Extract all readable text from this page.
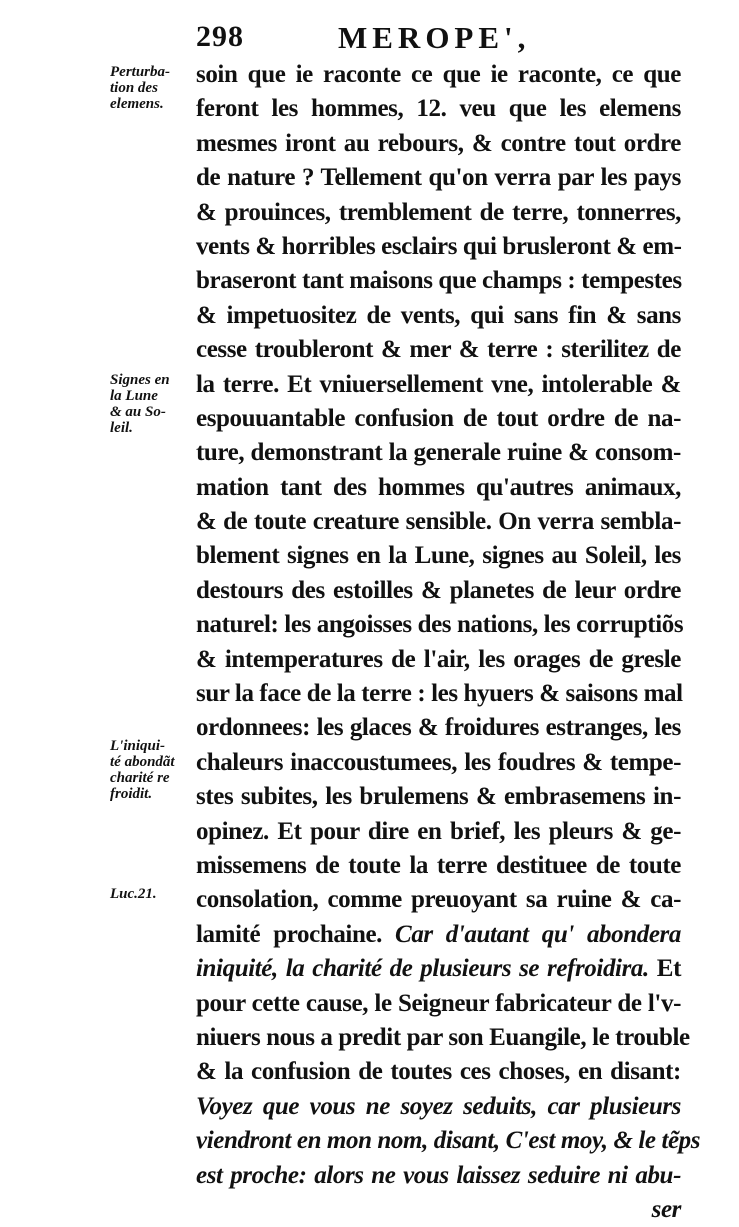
298	MEROPE',
Perturba-
tion des
elemens.
Signes en
la Lune
& au So-
leil.
L'iniqui-
té abondãt
charité re
froidit.
Luc.21.
soin que ie raconte ce que ie raconte, ce que
feront les hommes, 12. veu que les elemens
mesmes iront au rebours, & contre tout ordre
de nature ? Tellement qu'on verra par les pays
& prouinces, tremblement de terre, tonnerres,
vents & horribles esclairs qui brusleront & em-
braseront tant maisons que champs : tempestes
& impetuositez de vents, qui sans fin & sans
cesse troubleront & mer & terre : sterilitez de
la terre. Et vniuersellement vne, intolerable &
espouuantable confusion de tout ordre de na-
ture, demonstrant la generale ruine & consom-
mation tant des hommes qu'autres animaux,
& de toute creature sensible. On verra sembla-
blement signes en la Lune, signes au Soleil, les
destours des estoilles & planetes de leur ordre
naturel: les angoisses des nations, les corruptiõs
& intemperatures de l'air, les orages de gresle
sur la face de la terre : les hyuers & saisons mal
ordonnees: les glaces & froidures estranges, les
chaleurs inaccoustumees, les foudres & tempe-
stes subites, les brulemens & embrasemens in-
opinez. Et pour dire en brief, les pleurs & ge-
missemens de toute la terre destituee de toute
consolation, comme preuoyant sa ruine & ca-
lamité prochaine. Car d'autant qu' abondera
iniquité, la charité de plusieurs se refroidira. Et
pour cette cause, le Seigneur fabricateur de l'v-
niuers nous a predit par son Euangile, le trouble
& la confusion de toutes ces choses, en disant:
Voyez que vous ne soyez seduits, car plusieurs
viendront en mon nom, disant, C'est moy, & le tẽps
est proche: alors ne vous laissez seduire ni abu-
ser
